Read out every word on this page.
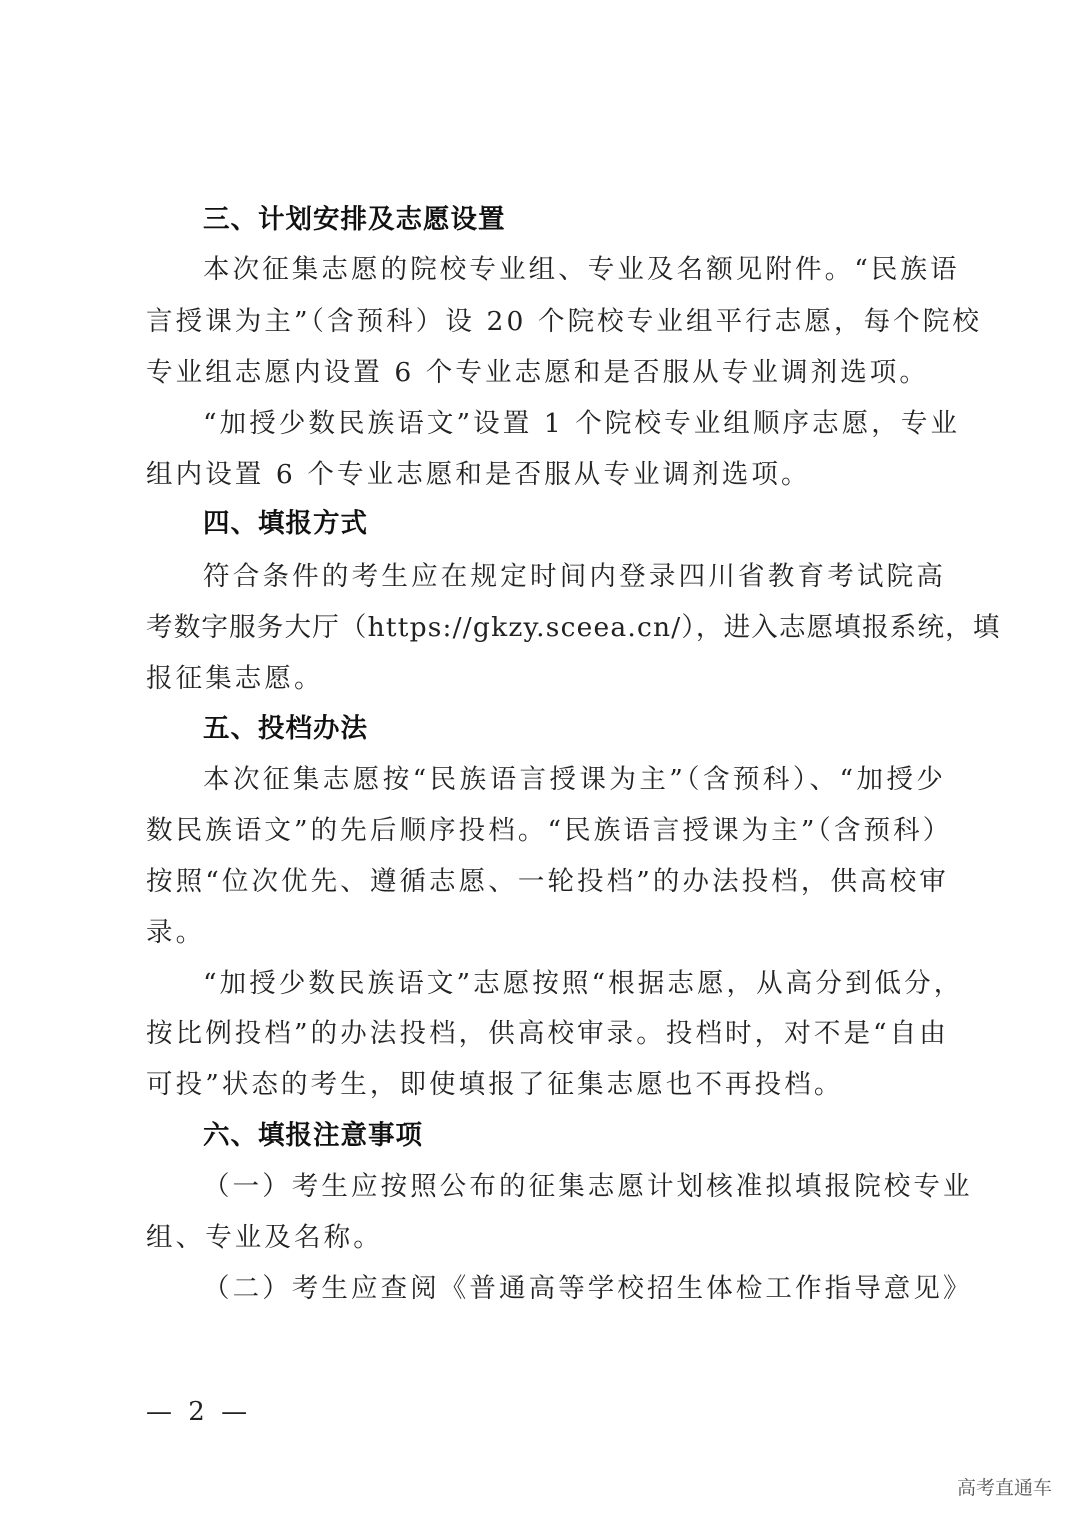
三、计划安排及志愿设置
本次征集志愿的院校专业组、专业及名额见附件。“民族语
言授课为主”（含预科）设 20 个院校专业组平行志愿，每个院校
专业组志愿内设置 6 个专业志愿和是否服从专业调剂选项。
“加授少数民族语文”设置 1 个院校专业组顺序志愿，专业
组内设置 6 个专业志愿和是否服从专业调剂选项。
四、填报方式
符合条件的考生应在规定时间内登录四川省教育考试院高
考数字服务大厅（https://gkzy.sceea.cn/），进入志愿填报系统，填
报征集志愿。
五、投档办法
本次征集志愿按“民族语言授课为主”（含预科）、“加授少
数民族语文”的先后顺序投档。“民族语言授课为主”（含预科）
按照“位次优先、遵循志愿、一轮投档”的办法投档，供高校审
录。
“加授少数民族语文”志愿按照“根据志愿，从高分到低分，
按比例投档”的办法投档，供高校审录。投档时，对不是“自由
可投”状态的考生，即使填报了征集志愿也不再投档。
六、填报注意事项
（一）考生应按照公布的征集志愿计划核准拟填报院校专业
组、专业及名称。
（二）考生应查阅《普通高等学校招生体检工作指导意见》
— 2 —
高考直通车
